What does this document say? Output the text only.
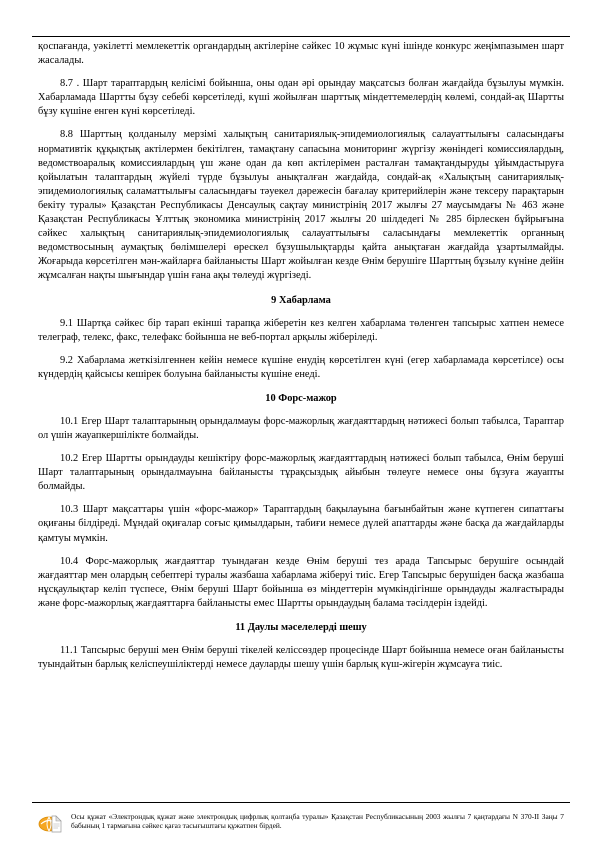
қоспағанда, уәкілетті мемлекеттік органдардың актілеріне сәйкес 10 жұмыс күні ішінде конкурс жеңімпазымен шарт жасалады.

8.7 . Шарт тараптардың келісімі бойынша, оны одан әрі орындау мақсатсыз болған жағдайда бұзылуы мүмкін. Хабарламада Шартты бұзу себебі көрсетіледі, күші жойылған шарттық міндеттемелердің көлемі, сондай-ақ Шартты бұзу күшіне енген күні көрсетіледі.

8.8 Шарттың қолданылу мерзімі халықтың санитариялық-эпидемиологиялық салауаттылығы саласындағы нормативтік құқықтық актілермен бекітілген, тамақтану сапасына мониторинг жүргізу жөніндегі комиссиялардың, ведомствоаралық комиссиялардың үш және одан да көп актілерімен расталған тамақтандыруды ұйымдастыруға қойылатын талаптардың жүйелі түрде бұзылуы анықталған жағдайда, сондай-ақ «Халықтың санитариялық-эпидемиологиялық саламаттылығы саласындағы тәуекел дәрежесін бағалау критерийлерін және тексеру парақтарын бекіту туралы» Қазақстан Республикасы Денсаулық сақтау министрінің 2017 жылғы 27 маусымдағы № 463 және Қазақстан Республикасы Ұлттық экономика министрінің 2017 жылғы 20 шілдедегі № 285 бірлескен бұйрығына сәйкес халықтың санитариялық-эпидемиологиялық салауаттылығы саласындағы мемлекеттік органның ведомствосының аумақтық бөлімшелері өрескел бұзушылықтарды қайта анықтаған жағдайда ұзартылмайды. Жоғарыда көрсетілген мән-жайларға байланысты Шарт жойылған кезде Өнім берушіге Шарттың бұзылу күніне дейін жұмсалған нақты шығындар үшін ғана ақы төлеуді жүргізеді.

9 Хабарлама

9.1 Шартқа сәйкес бір тарап екінші тарапқа жіберетін кез келген хабарлама төленген тапсырыс хатпен немесе телеграф, телекс, факс, телефакс бойынша не веб-портал арқылы жіберіледі.

9.2 Хабарлама жеткізілгеннен кейін немесе күшіне енудің көрсетілген күні (егер хабарламада көрсетілсе) осы күндердің қайсысы кешірек болуына байланысты күшіне енеді.

10 Форс-мажор

10.1 Егер Шарт талаптарының орындалмауы форс-мажорлық жағдаяттардың нәтижесі болып табылса, Тараптар ол үшін жауапкершілікте болмайды.

10.2 Егер Шартты орындауды кешіктіру форс-мажорлық жағдаяттардың нәтижесі болып табылса, Өнім беруші Шарт талаптарының орындалмауына байланысты тұрақсыздық айыбын төлеуге немесе оны бұзуға жауапты болмайды.

10.3 Шарт мақсаттары үшін «форс-мажор» Тараптардың бақылауына бағынбайтын және күтпеген сипаттағы оқиғаны білдіреді. Мұндай оқиғалар соғыс қимылдарын, табиғи немесе дүлей апаттарды және басқа да жағдайларды қамтуы мүмкін.

10.4 Форс-мажорлық жағдаяттар туындаған кезде Өнім беруші тез арада Тапсырыс берушіге осындай жағдаяттар мен олардың себептері туралы жазбаша хабарлама жіберуі тиіс. Егер Тапсырыс берушіден басқа жазбаша нұсқаулықтар келіп түспесе, Өнім беруші Шарт бойынша өз міндеттерін мүмкіндігінше орындауды жалғастырады және форс-мажорлық жағдаяттарға байланысты емес Шартты орындаудың балама тәсілдерін іздейді.

11 Даулы мәселелерді шешу

11.1 Тапсырыс беруші мен Өнім беруші тікелей келіссөздер процесінде Шарт бойынша немесе оған байланысты туындайтын барлық келіспеушіліктерді немесе дауларды шешу үшін барлық күш-жігерін жұмсауға тиіс.

Осы құжат «Электрондық құжат және электрондық цифрлық қолтаңба туралы» Қазақстан Республикасының 2003 жылғы 7 қаңтардағы N 370-II Заңы 7 бабының 1 тармағына сәйкес қағаз тасығыштағы құжатпен бірдей.
